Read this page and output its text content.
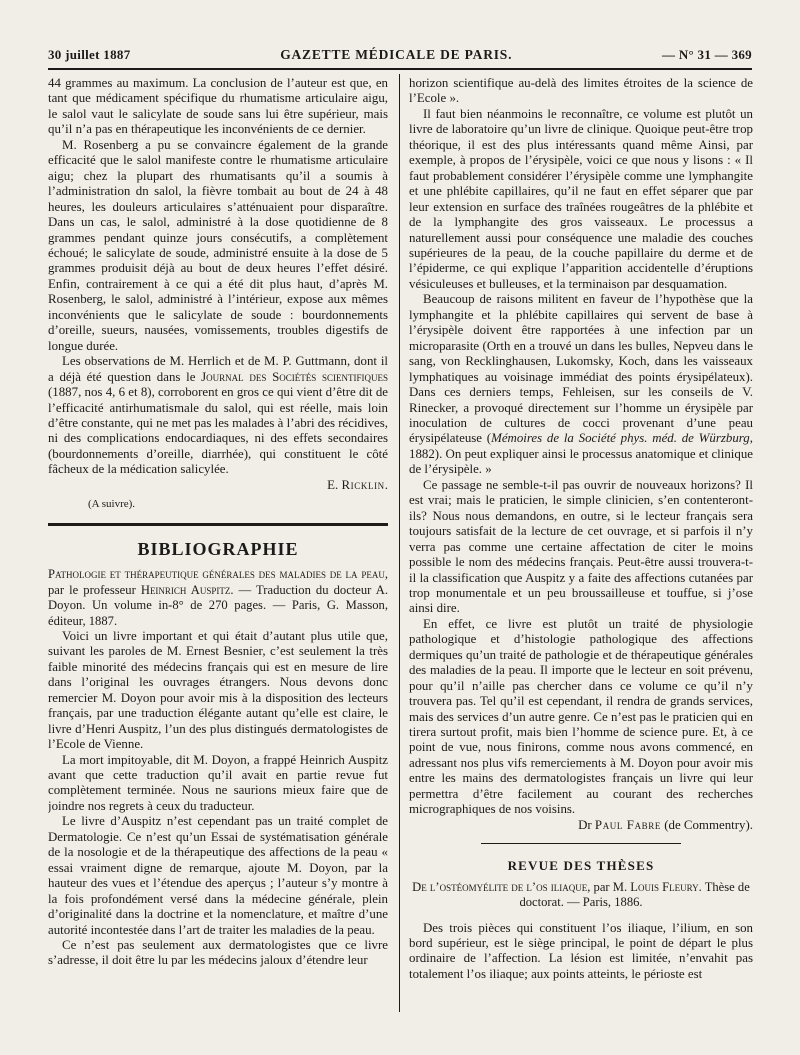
30 juillet 1887	GAZETTE MÉDICALE DE PARIS.	— N° 31 — 369

44 grammes au maximum. La conclusion de l’auteur est que, en tant que médicament spécifique du rhumatisme articulaire aigu, le salol vaut le salicylate de soude sans lui être supérieur, mais qu’il n’a pas en thérapeutique les inconvénients de ce dernier.

M. Rosenberg a pu se convaincre également de la grande efficacité que le salol manifeste contre le rhumatisme articulaire aigu; chez la plupart des rhumatisants qu’il a soumis à l’administration dn salol, la fièvre tombait au bout de 24 à 48 heures, les douleurs articulaires s’atténuaient pour disparaître. Dans un cas, le salol, administré à la dose quotidienne de 8 grammes pendant quinze jours consécutifs, a complètement échoué; le salicylate de soude, administré ensuite à la dose de 5 grammes produisit déjà au bout de deux heures l’effet désiré. Enfin, contrairement à ce qui a été dit plus haut, d’après M. Rosenberg, le salol, administré à l’intérieur, expose aux mêmes inconvénients que le salicylate de soude : bourdonnements d’oreille, sueurs, nausées, vomissements, troubles digestifs de longue durée.

Les observations de M. Herrlich et de M. P. Guttmann, dont il a déjà été question dans le Journal des Sociétés scientifiques (1887, nos 4, 6 et 8), corroborent en gros ce qui vient d’être dit de l’efficacité antirhumatismale du salol, qui est réelle, mais loin d’être constante, qui ne met pas les malades à l’abri des récidives, ni des complications endocardiaques, ni des effets secondaires (bourdonnements d’oreille, diarrhée), qui constituent le côté fâcheux de la médication salicylée.

E. Ricklin.

(A suivre).
BIBLIOGRAPHIE

Pathologie et thérapeutique générales des maladies de la peau, par le professeur Heinrich Auspitz. — Traduction du docteur A. Doyon. Un volume in-8° de 270 pages. — Paris, G. Masson, éditeur, 1887.

Voici un livre important et qui était d’autant plus utile que, suivant les paroles de M. Ernest Besnier, c’est seulement la très faible minorité des médecins français qui est en mesure de lire dans l’original les ouvrages étrangers. Nous devons donc remercier M. Doyon pour avoir mis à la disposition des lecteurs français, par une traduction élégante autant qu’elle est claire, le livre d’Henri Auspitz, l’un des plus distingués dermatologistes de l’Ecole de Vienne.

La mort impitoyable, dit M. Doyon, a frappé Heinrich Auspitz avant que cette traduction qu’il avait en partie revue fut complètement terminée. Nous ne saurions mieux faire que de joindre nos regrets à ceux du traducteur.

Le livre d’Auspitz n’est cependant pas un traité complet de Dermatologie. Ce n’est qu’un Essai de systématisation générale de la nosologie et de la thérapeutique des affections de la peau « essai vraiment digne de remarque, ajoute M. Doyon, par la hauteur des vues et l’étendue des aperçus ; l’auteur s’y montre à la fois profondément versé dans la médecine générale, plein d’originalité dans la doctrine et la nomenclature, et maître d’une autorité incontestée dans l’art de traiter les maladies de la peau.

Ce n’est pas seulement aux dermatologistes que ce livre s’adresse, il doit être lu par les médecins jaloux d’étendre leur

horizon scientifique au-delà des limites étroites de la science de l’Ecole ».

Il faut bien néanmoins le reconnaître, ce volume est plutôt un livre de laboratoire qu’un livre de clinique. Quoique peut-être trop théorique, il est des plus intéressants quand même Ainsi, par exemple, à propos de l’érysipèle, voici ce que nous y lisons : « Il faut probablement considérer l’érysipèle comme une lymphangite et une phlébite capillaires, qu’il ne faut en effet séparer que par leur extension en surface des traînées rougeâtres de la phlébite et de la lymphangite des gros vaisseaux. Le processus a naturellement aussi pour conséquence une maladie des couches supérieures de la peau, de la couche papillaire du derme et de l’épiderme, ce qui explique l’apparition accidentelle d’éruptions vésiculeuses et bulleuses, et la terminaison par desquamation.

Beaucoup de raisons militent en faveur de l’hypothèse que la lymphangite et la phlébite capillaires qui servent de base à l’érysipèle doivent être rapportées à une infection par un microparasite (Orth en a trouvé un dans les bulles, Nepveu dans le sang, von Recklinghausen, Lukomsky, Koch, dans les vaisseaux lymphatiques au voisinage immédiat des points érysipélateux). Dans ces derniers temps, Fehleisen, sur les conseils de V. Rinecker, a provoqué directement sur l’homme un érysipèle par inoculation de cultures de cocci provenant d’une peau érysipélateuse (Mémoires de la Société phys. méd. de Würzburg, 1882). On peut expliquer ainsi le processus anatomique et clinique de l’érysipèle. »

Ce passage ne semble-t-il pas ouvrir de nouveaux horizons? Il est vrai; mais le praticien, le simple clinicien, s’en contenteront-ils? Nous nous demandons, en outre, si le lecteur français sera toujours satisfait de la lecture de cet ouvrage, et si parfois il n’y verra pas comme une certaine affectation de citer le moins possible le nom des médecins français. Peut-être aussi trouvera-t-il la classification que Auspitz y a faite des affections cutanées par trop monumentale et un peu broussailleuse et touffue, si j’ose ainsi dire.

En effet, ce livre est plutôt un traité de physiologie pathologique et d’histologie pathologique des affections dermiques qu’un traité de pathologie et de thérapeutique générales des maladies de la peau. Il importe que le lecteur en soit prévenu, pour qu’il n’aille pas chercher dans ce volume ce qu’il n’y trouvera pas. Tel qu’il est cependant, il rendra de grands services, mais des services d’un autre genre. Ce n’est pas le praticien qui en tirera surtout profit, mais bien l’homme de science pure. Et, à ce point de vue, nous finirons, comme nous avons commencé, en adressant nos plus vifs remerciements à M. Doyon pour avoir mis entre les mains des dermatologistes français un livre qui leur permettra d’être facilement au courant des recherches micrographiques de nos voisins.

Dr Paul Fabre (de Commentry).

REVUE DES THÈSES
De l’ostéomyélite de l’os iliaque, par M. Louis Fleury. Thèse de doctorat. — Paris, 1886.

Des trois pièces qui constituent l’os iliaque, l’ilium, en son bord supérieur, est le siège principal, le point de départ le plus ordinaire de l’affection. La lésion est limitée, n’envahit pas totalement l’os iliaque; aux points atteints, le périoste est
